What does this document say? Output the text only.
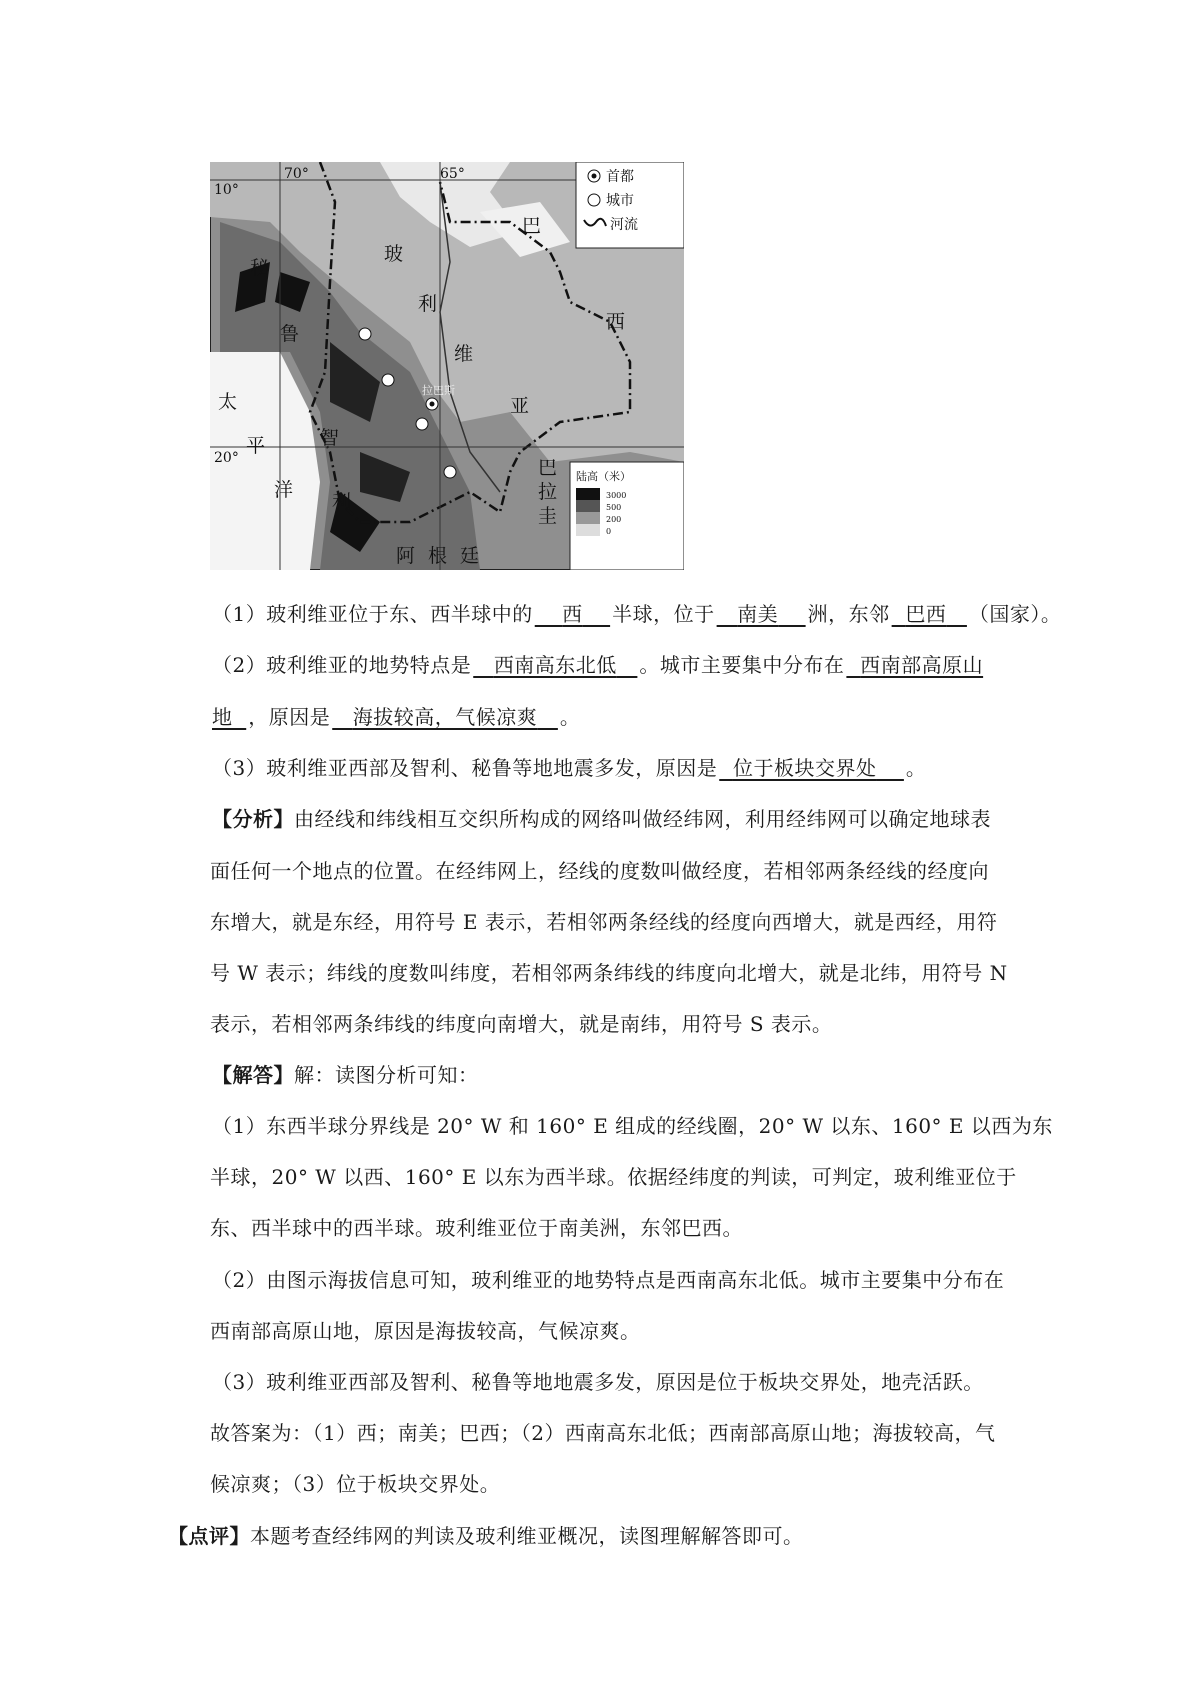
70°	65°
10°
20°
玻
利
维
亚
巴
西
秘
鲁
智
利
巴
拉
圭
阿 根 廷
太
平
洋
拉巴斯
首都
城市
河流
陆高（米）
3000
500
200
0
（1）玻利维亚位于东、西半球中的 西 半球，位于 南美 洲，东邻 巴西 （国家）。
（2）玻利维亚的地势特点是 西南高东北低 。城市主要集中分布在 西南部高原山
地 ，原因是 海拔较高，气候凉爽 。
（3）玻利维亚西部及智利、秘鲁等地地震多发，原因是 位于板块交界处 。
【分析】由经线和纬线相互交织所构成的网络叫做经纬网，利用经纬网可以确定地球表
面任何一个地点的位置。在经纬网上，经线的度数叫做经度，若相邻两条经线的经度向
东增大，就是东经，用符号 E 表示，若相邻两条经线的经度向西增大，就是西经，用符
号 W 表示；纬线的度数叫纬度，若相邻两条纬线的纬度向北增大，就是北纬，用符号 N
表示，若相邻两条纬线的纬度向南增大，就是南纬，用符号 S 表示。
【解答】解：读图分析可知：
（1）东西半球分界线是 20° W 和 160° E 组成的经线圈，20° W 以东、160° E 以西为东
半球，20° W 以西、160° E 以东为西半球。依据经纬度的判读，可判定，玻利维亚位于
东、西半球中的西半球。玻利维亚位于南美洲，东邻巴西。
（2）由图示海拔信息可知，玻利维亚的地势特点是西南高东北低。城市主要集中分布在
西南部高原山地，原因是海拔较高，气候凉爽。
（3）玻利维亚西部及智利、秘鲁等地地震多发，原因是位于板块交界处，地壳活跃。
故答案为：（1）西；南美；巴西；（2）西南高东北低；西南部高原山地；海拔较高，气
候凉爽；（3）位于板块交界处。
【点评】本题考查经纬网的判读及玻利维亚概况，读图理解解答即可。
